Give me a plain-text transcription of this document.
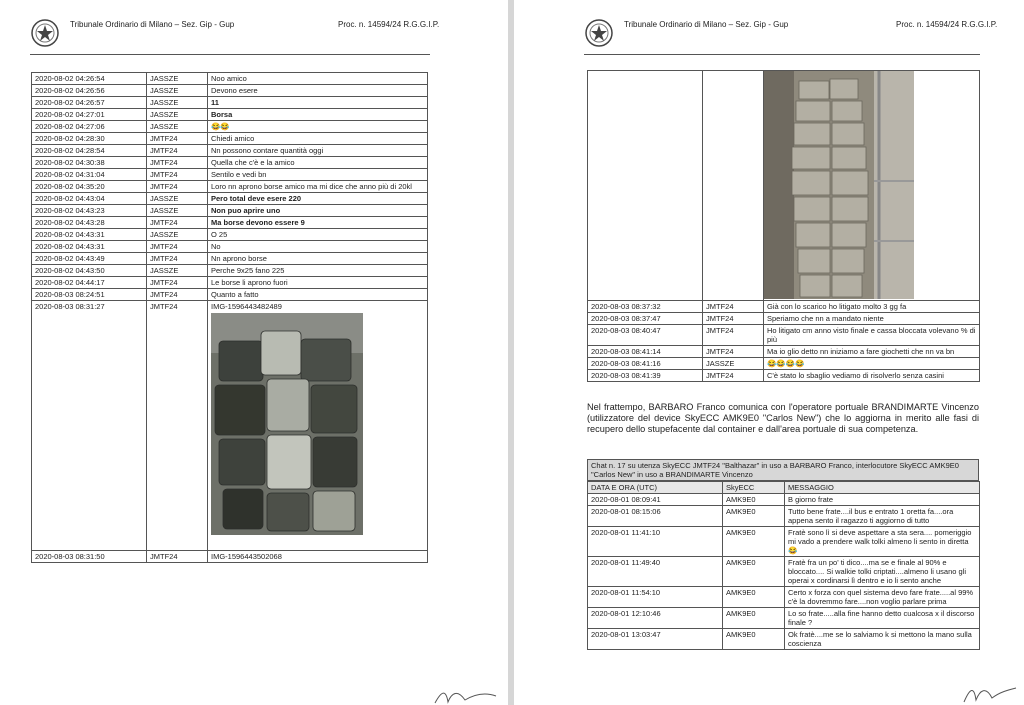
Tribunale Ordinario di Milano – Sez. Gip - Gup	Proc. n. 14594/24 R.G.G.I.P.
2020-08-02 04:26:54	JASSZE	Noo amico
2020-08-02 04:26:56	JASSZE	Devono esere
2020-08-02 04:26:57	JASSZE	11
2020-08-02 04:27:01	JASSZE	Borsa
2020-08-02 04:27:06	JASSZE	😂😂
2020-08-02 04:28:30	JMTF24	Chiedi amico
2020-08-02 04:28:54	JMTF24	Nn possono contare quantità oggi
2020-08-02 04:30:38	JMTF24	Quella che c'è e la amico
2020-08-02 04:31:04	JMTF24	Sentilo e vedi bn
2020-08-02 04:35:20	JMTF24	Loro nn aprono borse amico ma mi dice che anno più di 20kl
2020-08-02 04:43:04	JASSZE	Pero total deve esere 220
2020-08-02 04:43:23	JASSZE	Non puo aprire uno
2020-08-02 04:43:28	JMTF24	Ma borse devono essere 9
2020-08-02 04:43:31	JASSZE	O 25
2020-08-02 04:43:31	JMTF24	No
2020-08-02 04:43:49	JMTF24	Nn aprono borse
2020-08-02 04:43:50	JASSZE	Perche 9x25 fano 225
2020-08-02 04:44:17	JMTF24	Le borse li aprono fuori
2020-08-03 08:24:51	JMTF24	Quanto a fatto
2020-08-03 08:31:27	JMTF24	IMG-1596443482489

2020-08-03 08:31:50	JMTF24	IMG-1596443502068
Tribunale Ordinario di Milano – Sez. Gip - Gup	Proc. n. 14594/24 R.G.G.I.P.

2020-08-03 08:37:32	JMTF24	Già con lo scarico ho litigato molto 3 gg fa
2020-08-03 08:37:47	JMTF24	Speriamo che nn a mandato niente
2020-08-03 08:40:47	JMTF24	Ho litigato cm anno visto finale e cassa bloccata volevano % di più
2020-08-03 08:41:14	JMTF24	Ma io glio detto nn iniziamo a fare giochetti che nn va bn
2020-08-03 08:41:16	JASSZE	😂😂😂😂
2020-08-03 08:41:39	JMTF24	C'è stato lo sbaglio vediamo di risolverlo senza casini
Nel frattempo, BARBARO Franco comunica con l'operatore portuale BRANDIMARTE Vincenzo (utilizzatore del device SkyECC AMK9E0 "Carlos New") che lo aggiorna in merito alle fasi di recupero dello stupefacente dal container e dall'area portuale di sua competenza.
Chat n. 17 su utenza SkyECC JMTF24 "Balthazar" in uso a BARBARO Franco, interlocutore SkyECC AMK9E0 "Carlos New" in uso a BRANDIMARTE Vincenzo
DATA E ORA (UTC)	SkyECC	MESSAGGIO
2020-08-01 08:09:41	AMK9E0	B giorno frate
2020-08-01 08:15:06	AMK9E0	Tutto bene frate....il bus e entrato 1 oretta fa....ora appena sento il ragazzo ti aggiorno di tutto
2020-08-01 11:41:10	AMK9E0	Fratè sono lì si deve aspettare a sta sera.... pomeriggio mi vado a prendere walk tolki almeno li sento in diretta 😂
2020-08-01 11:49:40	AMK9E0	Fratè fra un po' ti dico....ma se e finale al 90% e bloccato.... Si walkie tolki criptati....almeno li usano gli operai x cordinarsi lì dentro e io li sento anche
2020-08-01 11:54:10	AMK9E0	Certo x forza con quel sistema devo fare frate.....al 99% c'è la dovremmo fare....non voglio parlare prima
2020-08-01 12:10:46	AMK9E0	Lo so frate.....alla fine hanno detto cualcosa x il discorso finale ?
2020-08-01 13:03:47	AMK9E0	Ok fratè....me se lo salviamo k si mettono la mano sulla coscienza
